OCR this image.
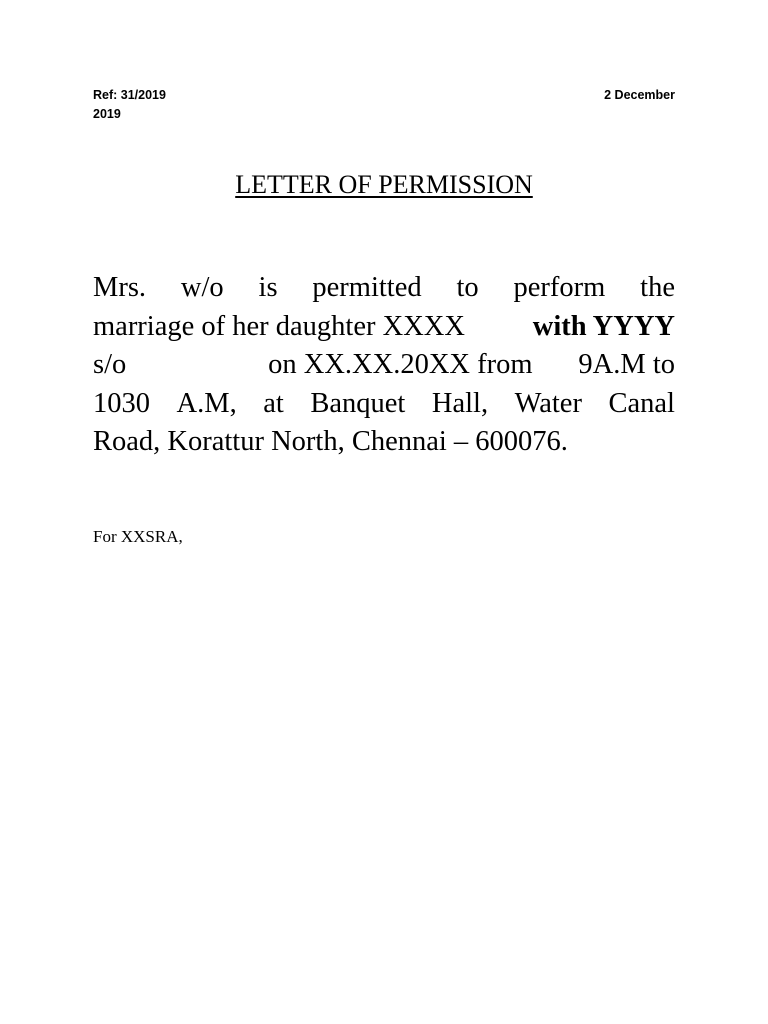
Ref: 31/2019	2 December
2019
LETTER OF PERMISSION
Mrs. w/o is permitted to perform the
marriage of her daughter XXXX with YYYY
s/o	on XX.XX.20XX from 9A.M to
1030 A.M, at Banquet Hall, Water Canal
Road, Korattur North, Chennai – 600076.
For XXSRA,
